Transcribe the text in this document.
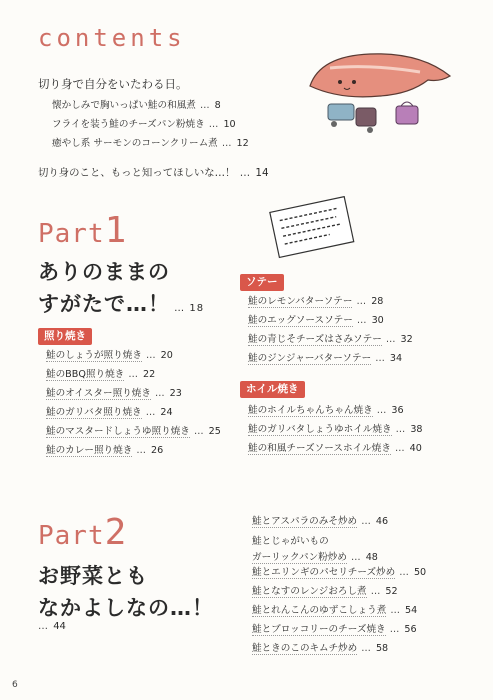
contents
切り身で自分をいたわる日。
懐かしみで胸いっぱい鮭の和風煮 … 8
フライを装う鮭のチーズパン粉焼き … 10
癒やし系 サーモンのコーンクリーム煮 … 12
切り身のこと、もっと知ってほしいな…！ … 14
Part1
ありのままの
すがたで…！ … 18
照り焼き
鮭のしょうが照り焼き … 20
鮭のBBQ照り焼き … 22
鮭のオイスター照り焼き … 23
鮭のガリバタ照り焼き … 24
鮭のマスタードしょうゆ照り焼き … 25
鮭のカレー照り焼き … 26
ソテー
鮭のレモンバターソテー … 28
鮭のエッグソースソテー … 30
鮭の青じそチーズはさみソテー … 32
鮭のジンジャーバターソテー … 34
ホイル焼き
鮭のホイルちゃんちゃん焼き … 36
鮭のガリバタしょうゆホイル焼き … 38
鮭の和風チーズソースホイル焼き … 40
Part2
お野菜とも
なかよしなの…！
… 44
鮭とアスパラのみそ炒め … 46
鮭とじゃがいもの
ガーリックパン粉炒め … 48
鮭とエリンギのパセリチーズ炒め … 50
鮭となすのレンジおろし煮 … 52
鮭とれんこんのゆずこしょう煮 … 54
鮭とブロッコリーのチーズ焼き … 56
鮭ときのこのキムチ炒め … 58
6
